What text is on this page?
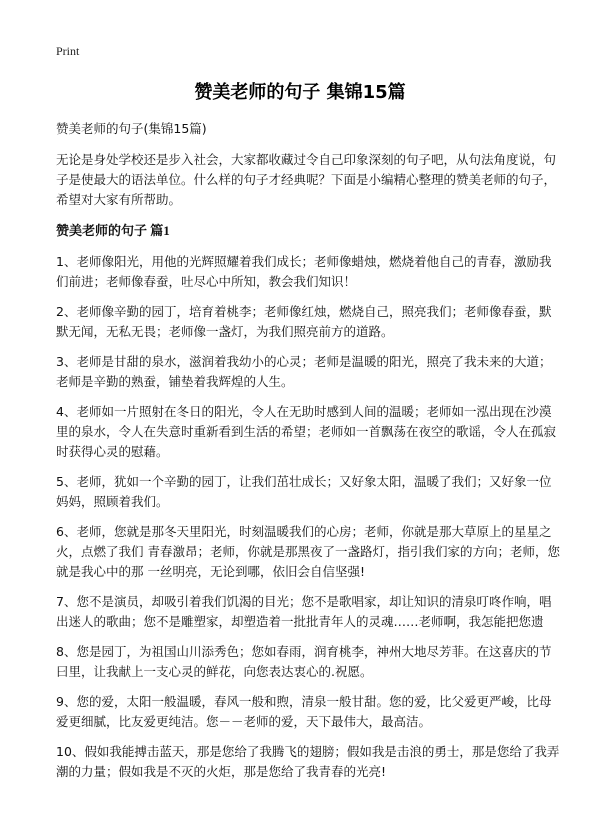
Print
赞美老师的句子 集锦15篇

赞美老师的句子(集锦15篇)

无论是身处学校还是步入社会，大家都收藏过令自己印象深刻的句子吧，从句法角度说，句子是使最大的语法单位。什么样的句子才经典呢？下面是小编精心整理的赞美老师的句子，希望对大家有所帮助。

赞美老师的句子 篇1

1、老师像阳光，用他的光辉照耀着我们成长；老师像蜡烛，燃烧着他自己的青春，激励我们前进；老师像春蚕，吐尽心中所知，教会我们知识！

2、老师像辛勤的园丁，培育着桃李；老师像红烛，燃烧自己，照亮我们；老师像春蚕，默默无闻，无私无畏；老师像一盏灯，为我们照亮前方的道路。

3、老师是甘甜的泉水，滋润着我幼小的心灵；老师是温暖的阳光，照亮了我未来的大道；老师是辛勤的熟蚕，铺垫着我辉煌的人生。

4、老师如一片照射在冬日的阳光，令人在无助时感到人间的温暖；老师如一泓出现在沙漠里的泉水，令人在失意时重新看到生活的希望；老师如一首飘荡在夜空的歌谣，令人在孤寂时获得心灵的慰藉。

5、老师，犹如一个辛勤的园丁，让我们茁壮成长；又好象太阳，温暖了我们；又好象一位妈妈，照顾着我们。

6、老师，您就是那冬天里阳光，时刻温暖我们的心房；老师，你就是那大草原上的星星之火，点燃了我们 青春激昂；老师，你就是那黑夜了一盏路灯，指引我们家的方向；老师，您就是我心中的那 一丝明亮，无论到哪，依旧会自信坚强!

7、您不是演员，却吸引着我们饥渴的目光；您不是歌唱家，却让知识的清泉叮咚作响，唱出迷人的歌曲；您不是雕塑家，却塑造着一批批青年人的灵魂……老师啊，我怎能把您遗

8、您是园丁，为祖国山川添秀色；您如春雨，润育桃李，神州大地尽芳菲。在这喜庆的节曰里，让我献上一支心灵的鲜花，向您表达衷心的.祝愿。

9、您的爱，太阳一般温暖，春风一般和煦，清泉一般甘甜。您的爱，比父爱更严峻，比母爱更细腻，比友爱更纯洁。您－－老师的爱，天下最伟大，最高洁。

10、假如我能搏击蓝天，那是您给了我腾飞的翅膀；假如我是击浪的勇士，那是您给了我弄潮的力量；假如我是不灭的火炬，那是您给了我青春的光亮!
